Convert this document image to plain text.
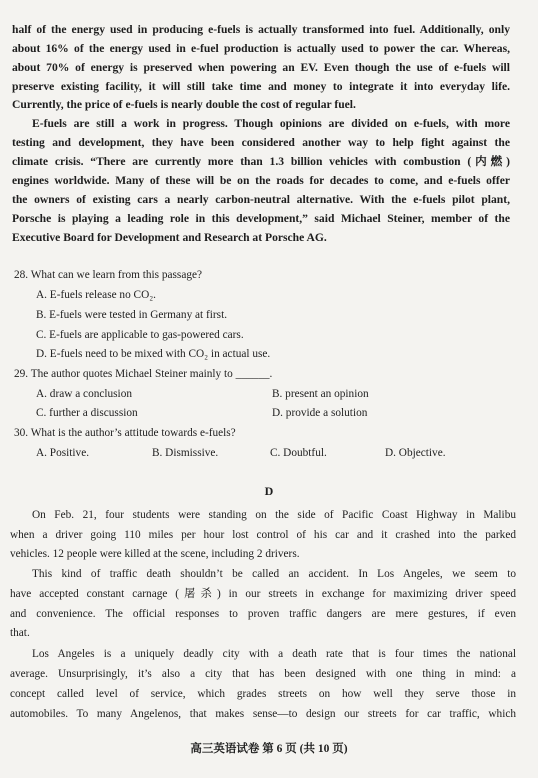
half of the energy used in producing e-fuels is actually transformed into fuel. Additionally, only
about 16% of the energy used in e-fuel production is actually used to power the car. Whereas,
about 70% of energy is preserved when powering an EV. Even though the use of e-fuels will
preserve existing facility, it will still take time and money to integrate it into everyday life.
Currently, the price of e-fuels is nearly double the cost of regular fuel.
E-fuels are still a work in progress. Though opinions are divided on e-fuels, with more
testing and development, they have been considered another way to help fight against the
climate crisis. “There are currently more than 1.3 billion vehicles with combustion (内燃)
engines worldwide. Many of these will be on the roads for decades to come, and e-fuels offer
the owners of existing cars a nearly carbon-neutral alternative. With the e-fuels pilot plant,
Porsche is playing a leading role in this development,” said Michael Steiner, member of the
Executive Board for Development and Research at Porsche AG.
28. What can we learn from this passage?
A. E-fuels release no CO₂.
B. E-fuels were tested in Germany at first.
C. E-fuels are applicable to gas-powered cars.
D. E-fuels need to be mixed with CO₂ in actual use.
29. The author quotes Michael Steiner mainly to ______.
A. draw a conclusion	B. present an opinion
C. further a discussion	D. provide a solution
30. What is the author’s attitude towards e-fuels?
A. Positive.	B. Dismissive.	C. Doubtful.	D. Objective.
D
On Feb. 21, four students were standing on the side of Pacific Coast Highway in Malibu
when a driver going 110 miles per hour lost control of his car and it crashed into the parked
vehicles. 12 people were killed at the scene, including 2 drivers.
This kind of traffic death shouldn’t be called an accident. In Los Angeles, we seem to
have accepted constant carnage (屠杀) in our streets in exchange for maximizing driver speed
and convenience. The official responses to proven traffic dangers are mere gestures, if even
that.
Los Angeles is a uniquely deadly city with a death rate that is four times the national
average. Unsurprisingly, it’s also a city that has been designed with one thing in mind: a
concept called level of service, which grades streets on how well they serve those in
automobiles. To many Angelenos, that makes sense—to design our streets for car traffic, which
高三英语试卷 第 6 页 (共 10 页)
